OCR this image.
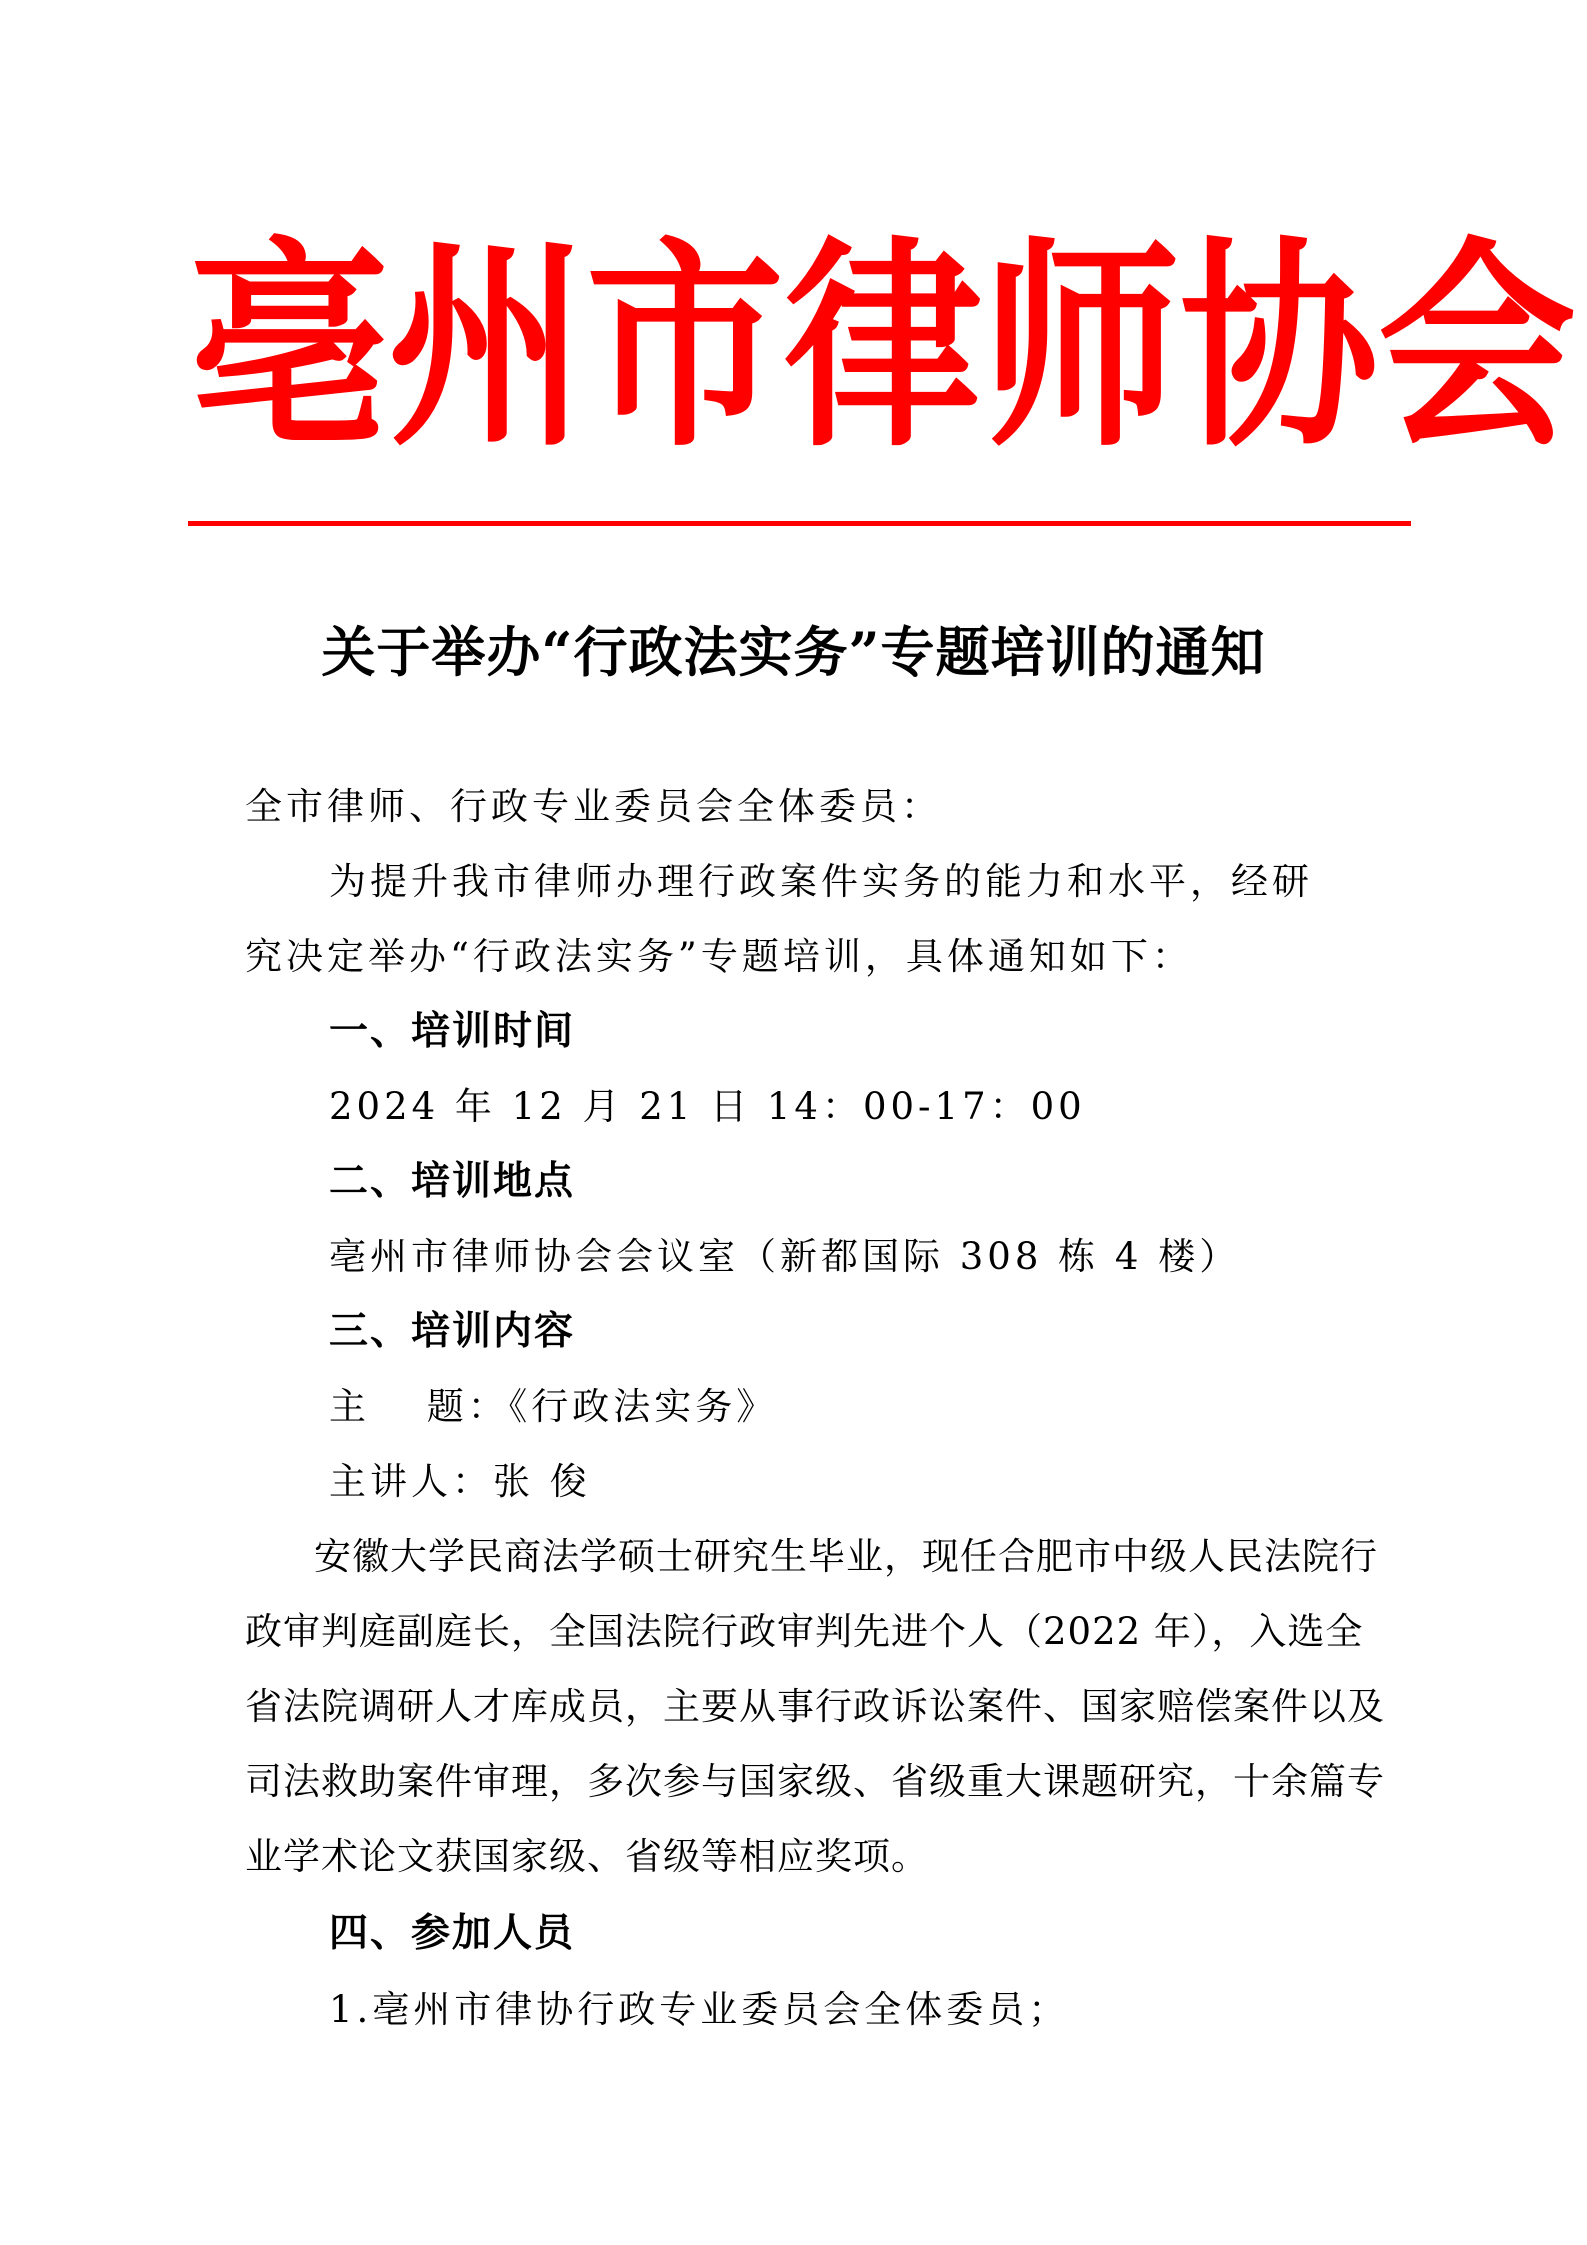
亳 州 市 律 师 协 会
关于举办“行政法实务”专题培训的通知
全市律师、行政专业委员会全体委员：
为提升我市律师办理行政案件实务的能力和水平，经研
究决定举办“行政法实务”专题培训，具体通知如下：
一、培训时间
2024 年 12 月 21 日 14：00-17：00
二、培训地点
亳州市律师协会会议室（新都国际 308 栋 4 楼）
三、培训内容
主　 题：《行政法实务》
主讲人：张 俊
安徽大学民商法学硕士研究生毕业，现任合肥市中级人民法院行
政审判庭副庭长，全国法院行政审判先进个人（2022 年），入选全
省法院调研人才库成员，主要从事行政诉讼案件、国家赔偿案件以及
司法救助案件审理，多次参与国家级、省级重大课题研究，十余篇专
业学术论文获国家级、省级等相应奖项。
四、参加人员
1.亳州市律协行政专业委员会全体委员；
